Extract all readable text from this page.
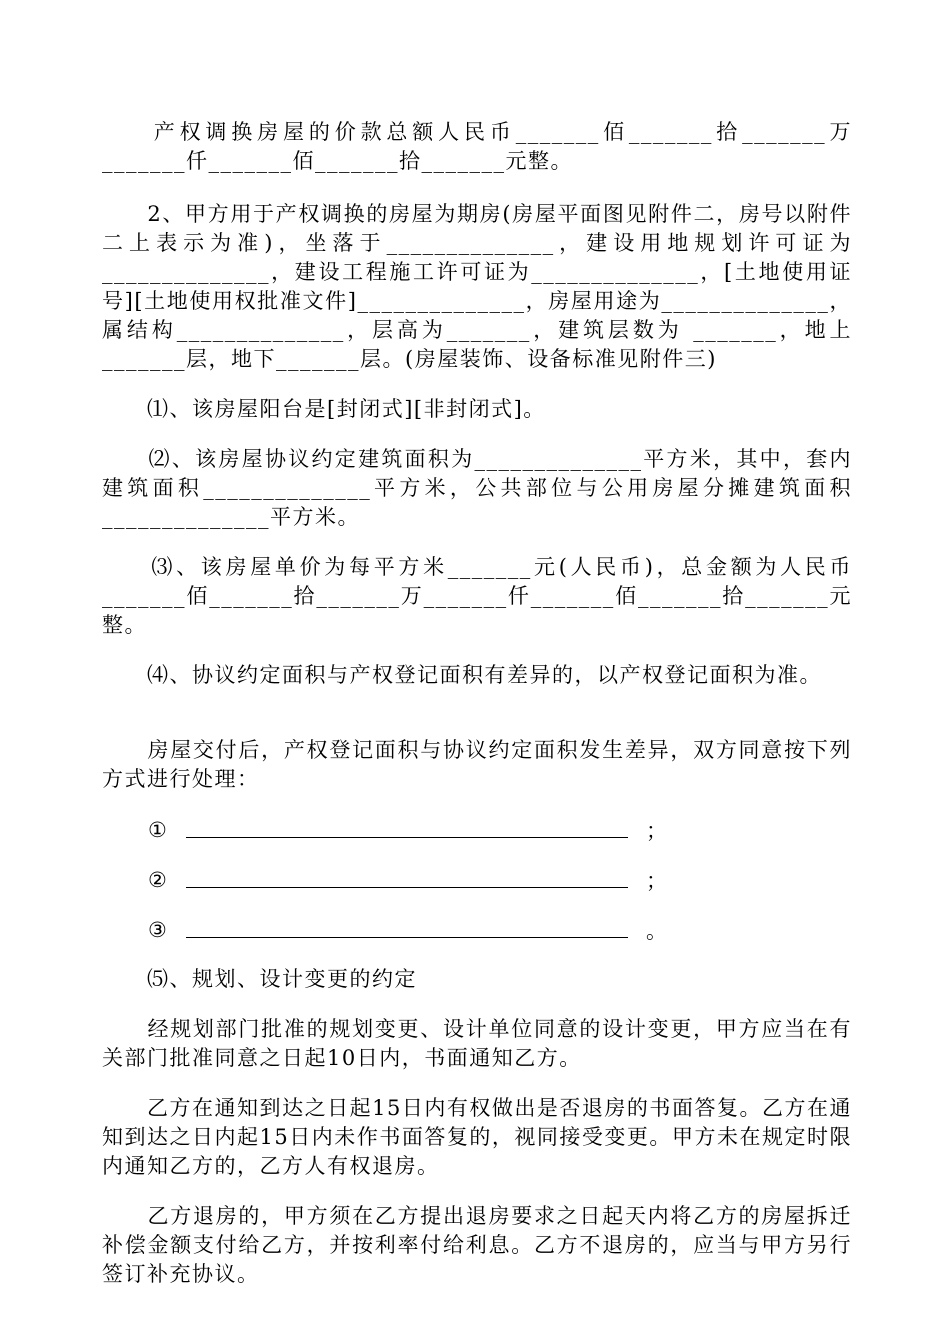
　　产权调换房屋的价款总额人民币_______佰_______拾_______万_______仟_______佰_______拾_______元整。

　　2、甲方用于产权调换的房屋为期房(房屋平面图见附件二，房号以附件二上表示为准)，坐落于______________，建设用地规划许可证为______________，建设工程施工许可证为______________，[土地使用证号][土地使用权批准文件]______________，房屋用途为______________，属结构______________，层高为_______，建筑层数为 _______，地上_______层，地下_______层。(房屋装饰、设备标准见附件三)

　　⑴、该房屋阳台是[封闭式][非封闭式]。

　　⑵、该房屋协议约定建筑面积为______________平方米，其中，套内建筑面积______________平方米，公共部位与公用房屋分摊建筑面积______________平方米。

　　⑶、该房屋单价为每平方米_______元(人民币)，总金额为人民币_______佰_______拾_______万_______仟_______佰_______拾_______元整。

　　⑷、协议约定面积与产权登记面积有差异的，以产权登记面积为准。

　　房屋交付后，产权登记面积与协议约定面积发生差异，双方同意按下列方式进行处理：

①	；
②	；
③	。

　　⑸、规划、设计变更的约定

　　经规划部门批准的规划变更、设计单位同意的设计变更，甲方应当在有关部门批准同意之日起10日内，书面通知乙方。

　　乙方在通知到达之日起15日内有权做出是否退房的书面答复。乙方在通知到达之日内起15日内未作书面答复的，视同接受变更。甲方未在规定时限内通知乙方的，乙方人有权退房。

　　乙方退房的，甲方须在乙方提出退房要求之日起天内将乙方的房屋拆迁补偿金额支付给乙方，并按利率付给利息。乙方不退房的，应当与甲方另行签订补充协议。
